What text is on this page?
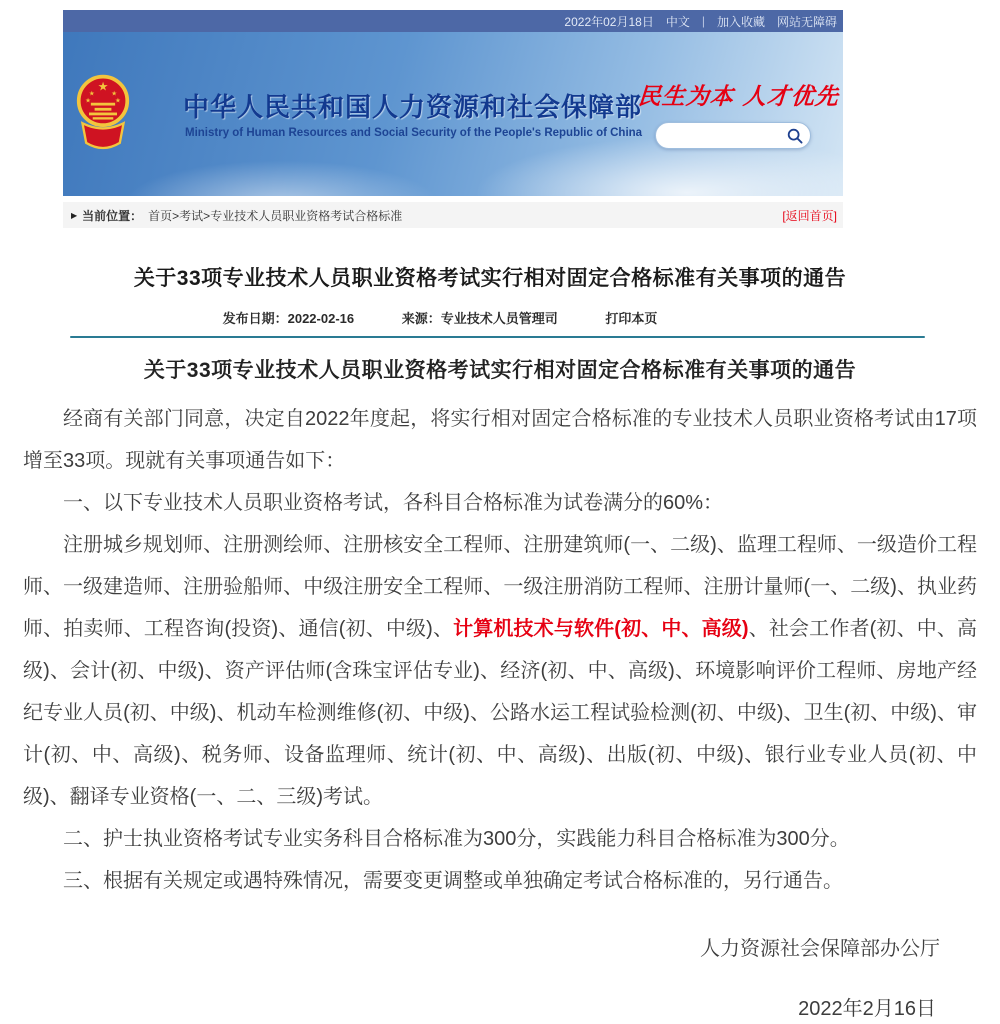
2022年02月18日 中文 | 加入收藏 网站无障碍
★
★ ★
★	★ 中华人民共和国人力资源和社会保障部
Ministry of Human Resources and Social Security of the People's Republic of China
民生为本 人才优先
▶ 当前位置： 首页>考试>专业技术人员职业资格考试合格标准	[返回首页]
关于33项专业技术人员职业资格考试实行相对固定合格标准有关事项的通告
发布日期：2022-02-16	来源：专业技术人员管理司	打印本页
关于33项专业技术人员职业资格考试实行相对固定合格标准有关事项的通告

经商有关部门同意，决定自2022年度起，将实行相对固定合格标准的专业技术人员职业资格考试由17项增至33项。现就有关事项通告如下：

一、以下专业技术人员职业资格考试，各科目合格标准为试卷满分的60%：

注册城乡规划师、注册测绘师、注册核安全工程师、注册建筑师(一、二级)、监理工程师、一级造价工程师、一级建造师、注册验船师、中级注册安全工程师、一级注册消防工程师、注册计量师(一、二级)、执业药师、拍卖师、工程咨询(投资)、通信(初、中级)、计算机技术与软件(初、中、高级)、社会工作者(初、中、高级)、会计(初、中级)、资产评估师(含珠宝评估专业)、经济(初、中、高级)、环境影响评价工程师、房地产经纪专业人员(初、中级)、机动车检测维修(初、中级)、公路水运工程试验检测(初、中级)、卫生(初、中级)、审计(初、中、高级)、税务师、设备监理师、统计(初、中、高级)、出版(初、中级)、银行业专业人员(初、中级)、翻译专业资格(一、二、三级)考试。

二、护士执业资格考试专业实务科目合格标准为300分，实践能力科目合格标准为300分。

三、根据有关规定或遇特殊情况，需要变更调整或单独确定考试合格标准的，另行通告。

人力资源社会保障部办公厅
2022年2月16日
